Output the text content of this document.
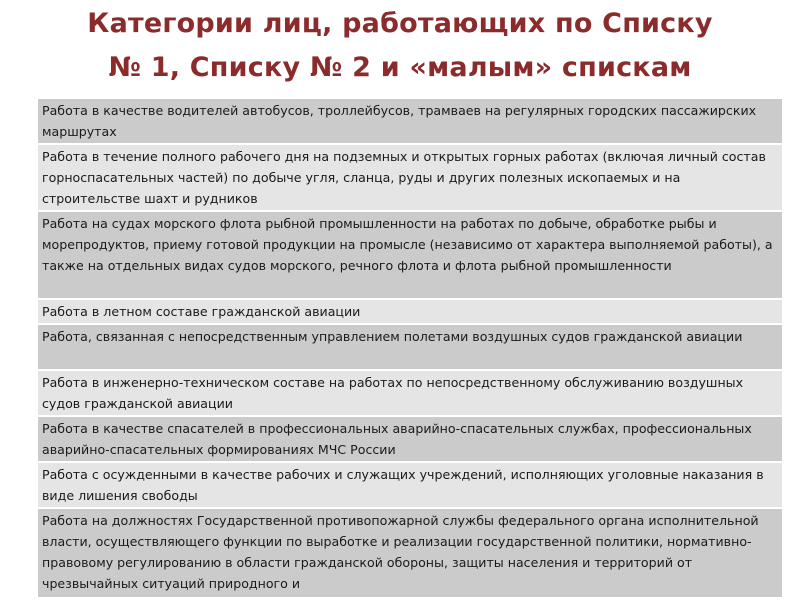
Категории лиц, работающих по Списку
№ 1, Списку № 2 и «малым» спискам
Работа в качестве водителей автобусов, троллейбусов, трамваев на регулярных городских пассажирских маршрутах
Работа в течение полного рабочего дня на подземных и открытых горных работах (включая личный состав горноспасательных частей) по добыче угля, сланца, руды и других полезных ископаемых и на строительстве шахт и рудников
Работа на судах морского флота рыбной промышленности на работах по добыче, обработке рыбы и морепродуктов, приему готовой продукции на промысле (независимо от характера выполняемой работы), а также на отдельных видах судов морского, речного флота и флота рыбной промышленности
Работа в летном составе гражданской авиации
Работа, связанная с непосредственным управлением полетами воздушных судов гражданской авиации
Работа в инженерно-техническом составе на работах по непосредственному обслуживанию воздушных судов гражданской авиации
Работа в качестве спасателей в профессиональных аварийно-спасательных службах, профессиональных аварийно-спасательных формированиях МЧС России
Работа с осужденными в качестве рабочих и служащих учреждений, исполняющих уголовные наказания в виде лишения свободы
Работа на должностях Государственной противопожарной службы федерального органа исполнительной власти, осуществляющего функции по выработке и реализации государственной политики, нормативно-правовому регулированию в области гражданской обороны, защиты населения и территорий от чрезвычайных ситуаций природного и
